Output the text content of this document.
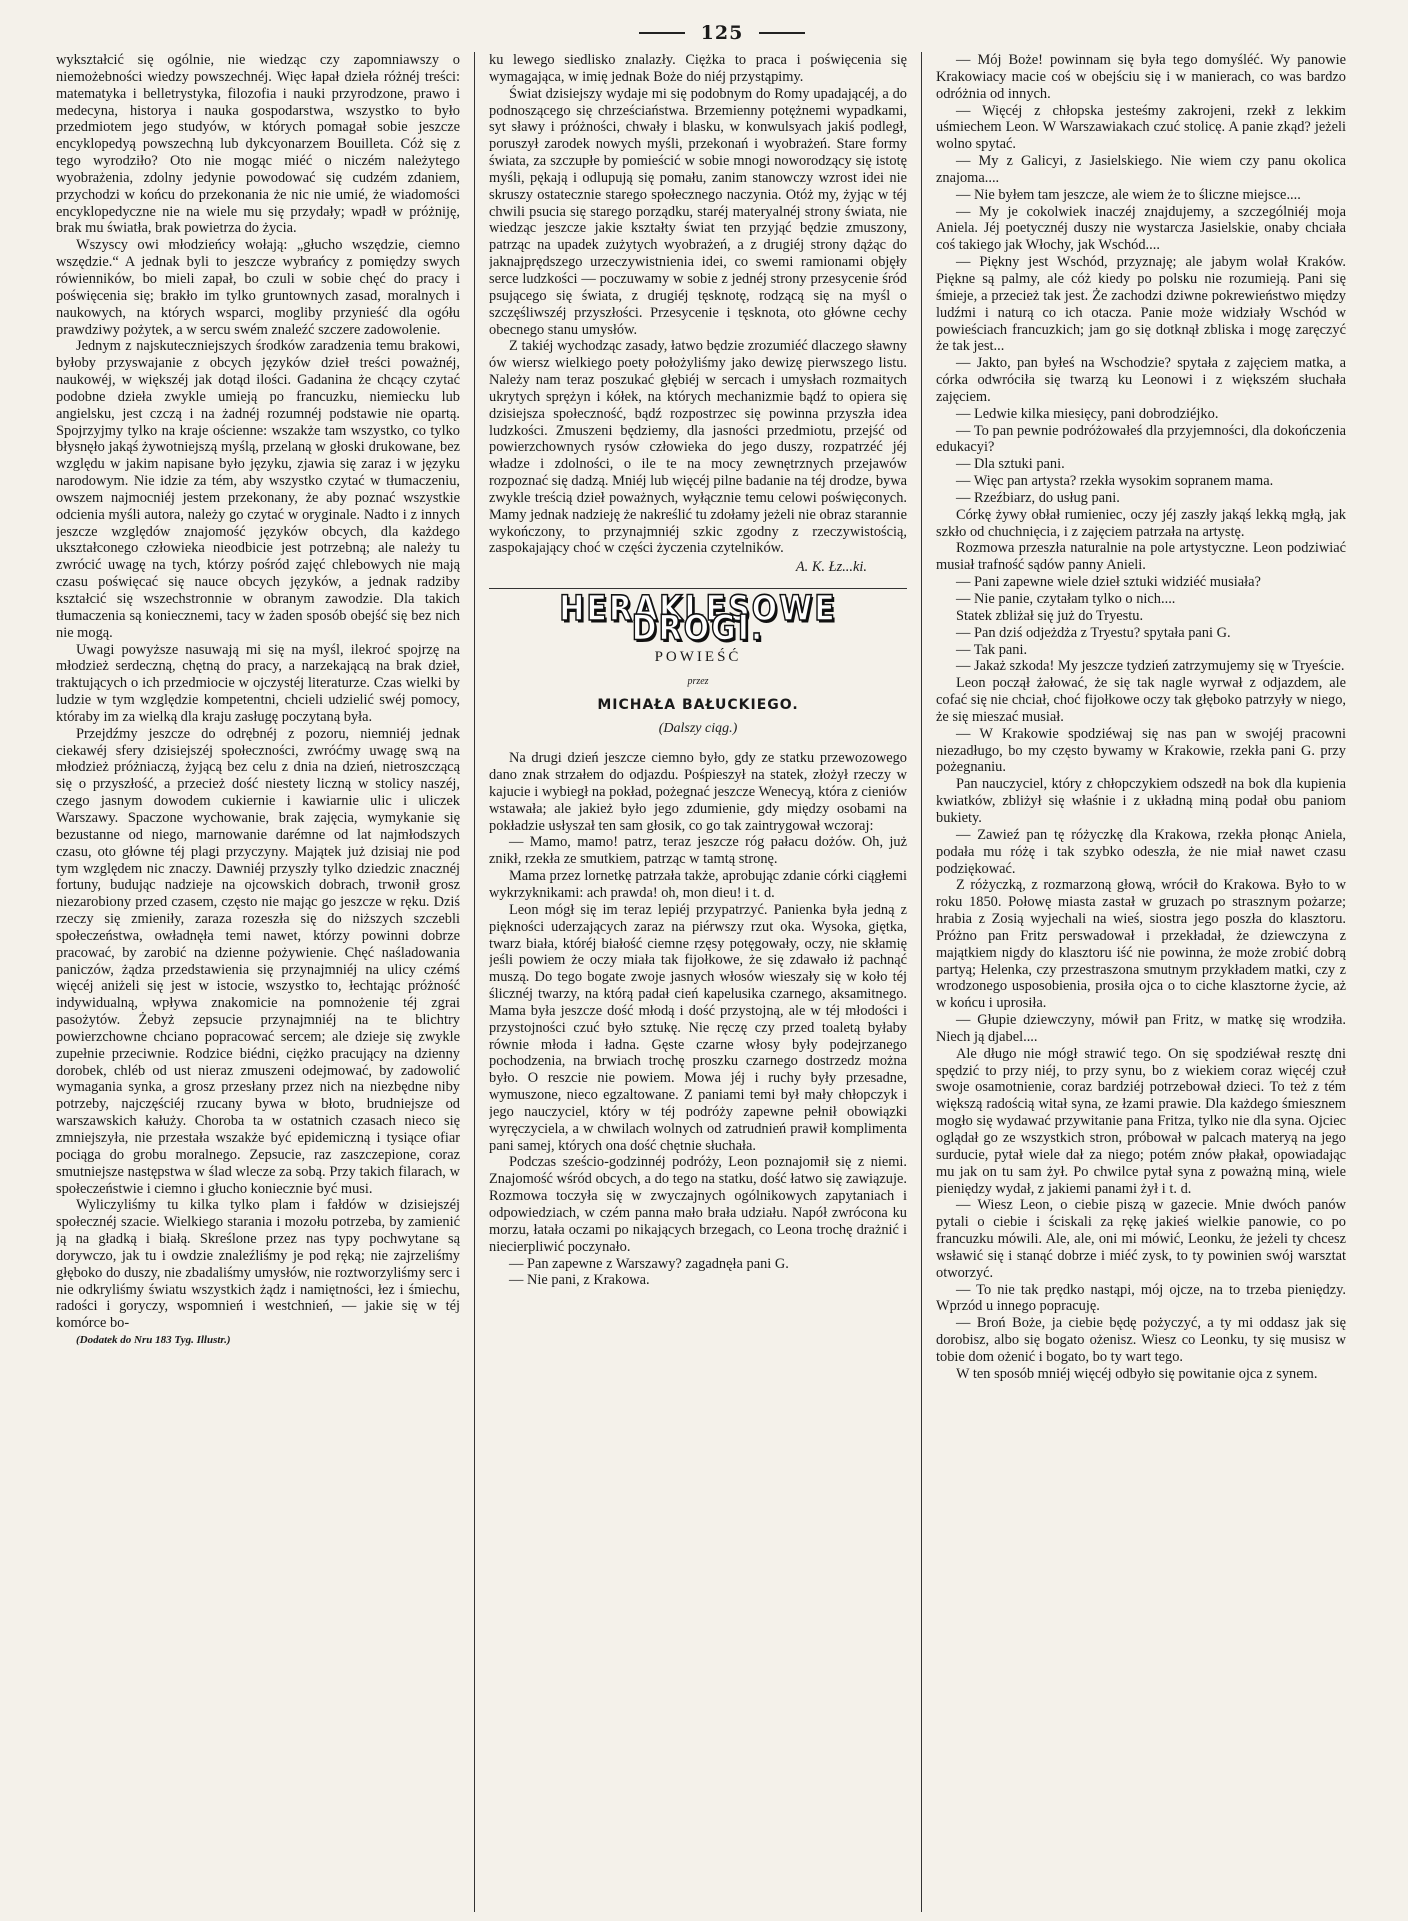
125

wykształcić się ogólnie, nie wiedząc czy zapomniawszy o niemożebności wiedzy powszechnéj. Więc łapał dzieła różnéj treści: matematyka i belletrystyka, filozofia i nauki przyrodzone, prawo i medecyna, historya i nauka gospodarstwa, wszystko to było przedmiotem jego studyów, w których pomagał sobie jeszcze encyklopedyą powszechną lub dykcyonarzem Bouilleta. Cóż się z tego wyrodziło? Oto nie mogąc miéć o niczém należytego wyobrażenia, zdolny jedynie powodować się cudzém zdaniem, przychodzi w końcu do przekonania że nic nie umié, że wiadomości encyklopedyczne nie na wiele mu się przydały; wpadł w próżniję, brak mu światła, brak powietrza do życia.

Wszyscy owi młodzieńcy wołają: „głucho wszędzie, ciemno wszędzie.“ A jednak byli to jeszcze wybrańcy z pomiędzy swych rówienników, bo mieli zapał, bo czuli w sobie chęć do pracy i poświęcenia się; brakło im tylko gruntownych zasad, moralnych i naukowych, na których wsparci, mogliby przynieść dla ogółu prawdziwy pożytek, a w sercu swém znaleźć szczere zadowolenie.

Jednym z najskuteczniejszych środków zaradzenia temu brakowi, byłoby przyswajanie z obcych języków dzieł treści poważnéj, naukowéj, w większéj jak dotąd ilości. Gadanina że chcący czytać podobne dzieła zwykle umieją po francuzku, niemiecku lub angielsku, jest czczą i na żadnéj rozumnéj podstawie nie opartą. Spojrzyjmy tylko na kraje ościenne: wszakże tam wszystko, co tylko błysnęło jakąś żywotniejszą myślą, przelaną w głoski drukowane, bez względu w jakim napisane było języku, zjawia się zaraz i w języku narodowym. Nie idzie za tém, aby wszystko czytać w tłumaczeniu, owszem najmocniéj jestem przekonany, że aby poznać wszystkie odcienia myśli autora, należy go czytać w oryginale. Nadto i z innych jeszcze względów znajomość języków obcych, dla każdego ukształconego człowieka nieodbicie jest potrzebną; ale należy tu zwrócić uwagę na tych, którzy pośród zajęć chlebowych nie mają czasu poświęcać się nauce obcych języków, a jednak radziby kształcić się wszechstronnie w obranym zawodzie. Dla takich tłumaczenia są koniecznemi, tacy w żaden sposób obejść się bez nich nie mogą.

Uwagi powyższe nasuwają mi się na myśl, ilekroć spojrzę na młodzież serdeczną, chętną do pracy, a narzekającą na brak dzieł, traktujących o ich przedmiocie w ojczystéj literaturze. Czas wielki by ludzie w tym względzie kompetentni, chcieli udzielić swéj pomocy, któraby im za wielką dla kraju zasługę poczytaną była.

Przejdźmy jeszcze do odrębnéj z pozoru, niemniéj jednak ciekawéj sfery dzisiejszéj społeczności, zwróćmy uwagę swą na młodzież próżniaczą, żyjącą bez celu z dnia na dzień, nietroszczącą się o przyszłość, a przecież dość niestety liczną w stolicy naszéj, czego jasnym dowodem cukiernie i kawiarnie ulic i uliczek Warszawy. Spaczone wychowanie, brak zajęcia, wymykanie się bezustanne od niego, marnowanie darémne od lat najmłodszych czasu, oto główne téj plagi przyczyny. Majątek już dzisiaj nie pod tym względem nic znaczy. Dawniéj przyszły tylko dziedzic znacznéj fortuny, budując nadzieje na ojcowskich dobrach, trwonił grosz niezarobiony przed czasem, często nie mając go jeszcze w ręku. Dziś rzeczy się zmieniły, zaraza rozeszła się do niższych szczebli społeczeństwa, owładnęła temi nawet, którzy powinni dobrze pracować, by zarobić na dzienne pożywienie. Chęć naśladowania paniczów, żądza przedstawienia się przynajmniéj na ulicy czémś więcéj aniżeli się jest w istocie, wszystko to, łechtając próżność indywidualną, wpływa znakomicie na pomnożenie téj zgrai pasożytów. Żebyż zepsucie przynajmniéj na te blichtry powierzchowne chciano popracować sercem; ale dzieje się zwykle zupełnie przeciwnie. Rodzice biédni, ciężko pracujący na dzienny dorobek, chléb od ust nieraz zmuszeni odejmować, by zadowolić wymagania synka, a grosz przesłany przez nich na niezbędne niby potrzeby, najczęściéj rzucany bywa w błoto, brudniejsze od warszawskich kałuży. Choroba ta w ostatnich czasach nieco się zmniejszyła, nie przestała wszakże być epidemiczną i tysiące ofiar pociąga do grobu moralnego. Zepsucie, raz zaszczepione, coraz smutniejsze następstwa w ślad wlecze za sobą. Przy takich filarach, w społeczeństwie i ciemno i głucho koniecznie być musi.

Wyliczyliśmy tu kilka tylko plam i fałdów w dzisiejszéj społecznéj szacie. Wielkiego starania i mozołu potrzeba, by zamienić ją na gładką i białą. Skreślone przez nas typy pochwytane są dorywczo, jak tu i owdzie znaleźliśmy je pod ręką; nie zajrzeliśmy głęboko do duszy, nie zbadaliśmy umysłów, nie roztworzyliśmy serc i nie odkryliśmy światu wszystkich żądz i namiętności, łez i śmiechu, radości i goryczy, wspomnień i westchnień, — jakie się w téj komórce bo-

(Dodatek do Nru 183 Tyg. Illustr.)

ku lewego siedlisko znalazły. Ciężka to praca i poświęcenia się wymagająca, w imię jednak Boże do niéj przystąpimy.

Świat dzisiejszy wydaje mi się podobnym do Romy upadającéj, a do podnoszącego się chrześciaństwa. Brzemienny potężnemi wypadkami, syt sławy i próżności, chwały i blasku, w konwulsyach jakiś podległ, poruszył zarodek nowych myśli, przekonań i wyobrażeń. Stare formy świata, za szczupłe by pomieścić w sobie mnogi noworodzący się istotę myśli, pękają i odlupują się pomału, zanim stanowczy wzrost idei nie skruszy ostatecznie starego społecznego naczynia. Otóż my, żyjąc w téj chwili psucia się starego porządku, staréj materyalnéj strony świata, nie wiedząc jeszcze jakie kształty świat ten przyjąć będzie zmuszony, patrząc na upadek zużytych wyobrażeń, a z drugiéj strony dążąc do jaknajprędszego urzeczywistnienia idei, co swemi ramionami objęły serce ludzkości — poczuwamy w sobie z jednéj strony przesycenie śród psującego się świata, z drugiéj tęsknotę, rodzącą się na myśl o szczęśliwszéj przyszłości. Przesycenie i tęsknota, oto główne cechy obecnego stanu umysłów.

Z takiéj wychodząc zasady, łatwo będzie zrozumiéć dlaczego sławny ów wiersz wielkiego poety położyliśmy jako dewizę pierwszego listu. Należy nam teraz poszukać głębiéj w sercach i umysłach rozmaitych ukrytych sprężyn i kółek, na których mechanizmie bądź to opiera się dzisiejsza społeczność, bądź rozpostrzec się powinna przyszła idea ludzkości. Zmuszeni będziemy, dla jasności przedmiotu, przejść od powierzchownych rysów człowieka do jego duszy, rozpatrzéć jéj władze i zdolności, o ile te na mocy zewnętrznych przejawów rozpoznać się dadzą. Mniéj lub więcéj pilne badanie na téj drodze, bywa zwykle treścią dzieł poważnych, wyłącznie temu celowi poświęconych. Mamy jednak nadzieję że nakreślić tu zdołamy jeżeli nie obraz starannie wykończony, to przynajmniéj szkic zgodny z rzeczywistością, zaspokajający choć w części życzenia czytelników.

A. K. Łz...ki.
HERAKLESOWE DROGI.
POWIEŚĆ
przez
MICHAŁA BAŁUCKIEGO.
(Dalszy ciąg.)

Na drugi dzień jeszcze ciemno było, gdy ze statku przewozowego dano znak strzałem do odjazdu. Pośpieszył na statek, złożył rzeczy w kajucie i wybiegł na pokład, pożegnać jeszcze Wenecyą, która z cieniów wstawała; ale jakież było jego zdumienie, gdy między osobami na pokładzie usłyszał ten sam głosik, co go tak zaintrygował wczoraj:

— Mamo, mamo! patrz, teraz jeszcze róg pałacu dożów. Oh, już znikł, rzekła ze smutkiem, patrząc w tamtą stronę.

Mama przez lornetkę patrzała także, aprobując zdanie córki ciągłemi wykrzyknikami: ach prawda! oh, mon dieu! i t. d.

Leon mógł się im teraz lepiéj przypatrzyć. Panienka była jedną z piękności uderzających zaraz na piérwszy rzut oka. Wysoka, giętka, twarz biała, któréj białość ciemne rzęsy potęgowały, oczy, nie skłamię jeśli powiem że oczy miała tak fijołkowe, że się zdawało iż pachnąć muszą. Do tego bogate zwoje jasnych włosów wieszały się w koło téj ślicznéj twarzy, na którą padał cień kapelusika czarnego, aksamitnego. Mama była jeszcze dość młodą i dość przystojną, ale w téj młodości i przystojności czuć było sztukę. Nie ręczę czy przed toaletą byłaby równie młoda i ładna. Gęste czarne włosy były podejrzanego pochodzenia, na brwiach trochę proszku czarnego dostrzedz można było. O reszcie nie powiem. Mowa jéj i ruchy były przesadne, wymuszone, nieco egzaltowane. Z paniami temi był mały chłopczyk i jego nauczyciel, który w téj podróży zapewne pełnił obowiązki wyręczyciela, a w chwilach wolnych od zatrudnień prawił komplimenta pani samej, których ona dość chętnie słuchała.

Podczas sześcio-godzinnéj podróży, Leon poznajomił się z niemi. Znajomość wśród obcych, a do tego na statku, dość łatwo się zawiązuje. Rozmowa toczyła się w zwyczajnych ogólnikowych zapytaniach i odpowiedziach, w czém panna mało brała udziału. Napół zwrócona ku morzu, łatała oczami po nikających brzegach, co Leona trochę drażnić i niecierpliwić poczynało.

— Pan zapewne z Warszawy? zagadnęła pani G.

— Nie pani, z Krakowa.

— Mój Boże! powinnam się była tego domyśléć. Wy panowie Krakowiacy macie coś w obejściu się i w manierach, co was bardzo odróżnia od innych.

— Więcéj z chłopska jesteśmy zakrojeni, rzekł z lekkim uśmiechem Leon. W Warszawiakach czuć stolicę. A panie zkąd? jeżeli wolno spytać.

— My z Galicyi, z Jasielskiego. Nie wiem czy panu okolica znajoma....

— Nie byłem tam jeszcze, ale wiem że to śliczne miejsce....

— My je cokolwiek inaczéj znajdujemy, a szczególniéj moja Aniela. Jéj poetycznéj duszy nie wystarcza Jasielskie, onaby chciała coś takiego jak Włochy, jak Wschód....

— Piękny jest Wschód, przyznaję; ale jabym wolał Kraków. Piękne są palmy, ale cóż kiedy po polsku nie rozumieją. Pani się śmieje, a przecież tak jest. Że zachodzi dziwne pokrewieństwo między ludźmi i naturą co ich otacza. Panie może widziały Wschód w powieściach francuzkich; jam go się dotknął zbliska i mogę zaręczyć że tak jest...

— Jakto, pan byłeś na Wschodzie? spytała z zajęciem matka, a córka odwróciła się twarzą ku Leonowi i z większém słuchała zajęciem.

— Ledwie kilka miesięcy, pani dobrodziéjko.

— To pan pewnie podróżowałeś dla przyjemności, dla dokończenia edukacyi?

— Dla sztuki pani.

— Więc pan artysta? rzekła wysokim sopranem mama.

— Rzeźbiarz, do usług pani.

Córkę żywy obłał rumieniec, oczy jéj zaszły jakąś lekką mgłą, jak szkło od chuchnięcia, i z zajęciem patrzała na artystę.

Rozmowa przeszła naturalnie na pole artystyczne. Leon podziwiać musiał trafność sądów panny Anieli.

— Pani zapewne wiele dzieł sztuki widziéć musiała?

— Nie panie, czytałam tylko o nich....

Statek zbliżał się już do Tryestu.

— Pan dziś odjeżdża z Tryestu? spytała pani G.

— Tak pani.

— Jakaż szkoda! My jeszcze tydzień zatrzymujemy się w Tryeście.

Leon począł żałować, że się tak nagle wyrwał z odjazdem, ale cofać się nie chciał, choć fijołkowe oczy tak głęboko patrzyły w niego, że się mieszać musiał.

— W Krakowie spodziéwaj się nas pan w swojéj pracowni niezadługo, bo my często bywamy w Krakowie, rzekła pani G. przy pożegnaniu.

Pan nauczyciel, który z chłopczykiem odszedł na bok dla kupienia kwiatków, zbliżył się właśnie i z układną miną podał obu paniom bukiety.

— Zawieź pan tę różyczkę dla Krakowa, rzekła płonąc Aniela, podała mu różę i tak szybko odeszła, że nie miał nawet czasu podziękować.

Z różyczką, z rozmarzoną głową, wrócił do Krakowa. Było to w roku 1850. Połowę miasta zastał w gruzach po strasznym pożarze; hrabia z Zosią wyjechali na wieś, siostra jego poszła do klasztoru. Próżno pan Fritz perswadował i przekładał, że dziewczyna z majątkiem nigdy do klasztoru iść nie powinna, że może zrobić dobrą partyą; Helenka, czy przestraszona smutnym przykładem matki, czy z wrodzonego usposobienia, prosiła ojca o to ciche klasztorne życie, aż w końcu i uprosiła.

— Głupie dziewczyny, mówił pan Fritz, w matkę się wrodziła. Niech ją djabel....

Ale długo nie mógł strawić tego. On się spodziéwał resztę dni spędzić to przy niéj, to przy synu, bo z wiekiem coraz więcéj czuł swoje osamotnienie, coraz bardziéj potrzebował dzieci. To też z tém większą radością witał syna, ze łzami prawie. Dla każdego śmiesznem mogło się wydawać przywitanie pana Fritza, tylko nie dla syna. Ojciec oglądał go ze wszystkich stron, próbował w palcach materyą na jego surducie, pytał wiele dał za niego; potém znów płakał, opowiadając mu jak on tu sam żył. Po chwilce pytał syna z poważną miną, wiele pieniędzy wydał, z jakiemi panami żył i t. d.

— Wiesz Leon, o ciebie piszą w gazecie. Mnie dwóch panów pytali o ciebie i ściskali za rękę jakieś wielkie panowie, co po francuzku mówili. Ale, ale, oni mi mówić, Leonku, że jeżeli ty chcesz wsławić się i stanąć dobrze i miéć zysk, to ty powinien swój warsztat otworzyć.

— To nie tak prędko nastąpi, mój ojcze, na to trzeba pieniędzy. Wprzód u innego popracuję.

— Broń Boże, ja ciebie będę pożyczyć, a ty mi oddasz jak się dorobisz, albo się bogato ożenisz. Wiesz co Leonku, ty się musisz w tobie dom ożenić i bogato, bo ty wart tego.

W ten sposób mniéj więcéj odbyło się powitanie ojca z synem.
